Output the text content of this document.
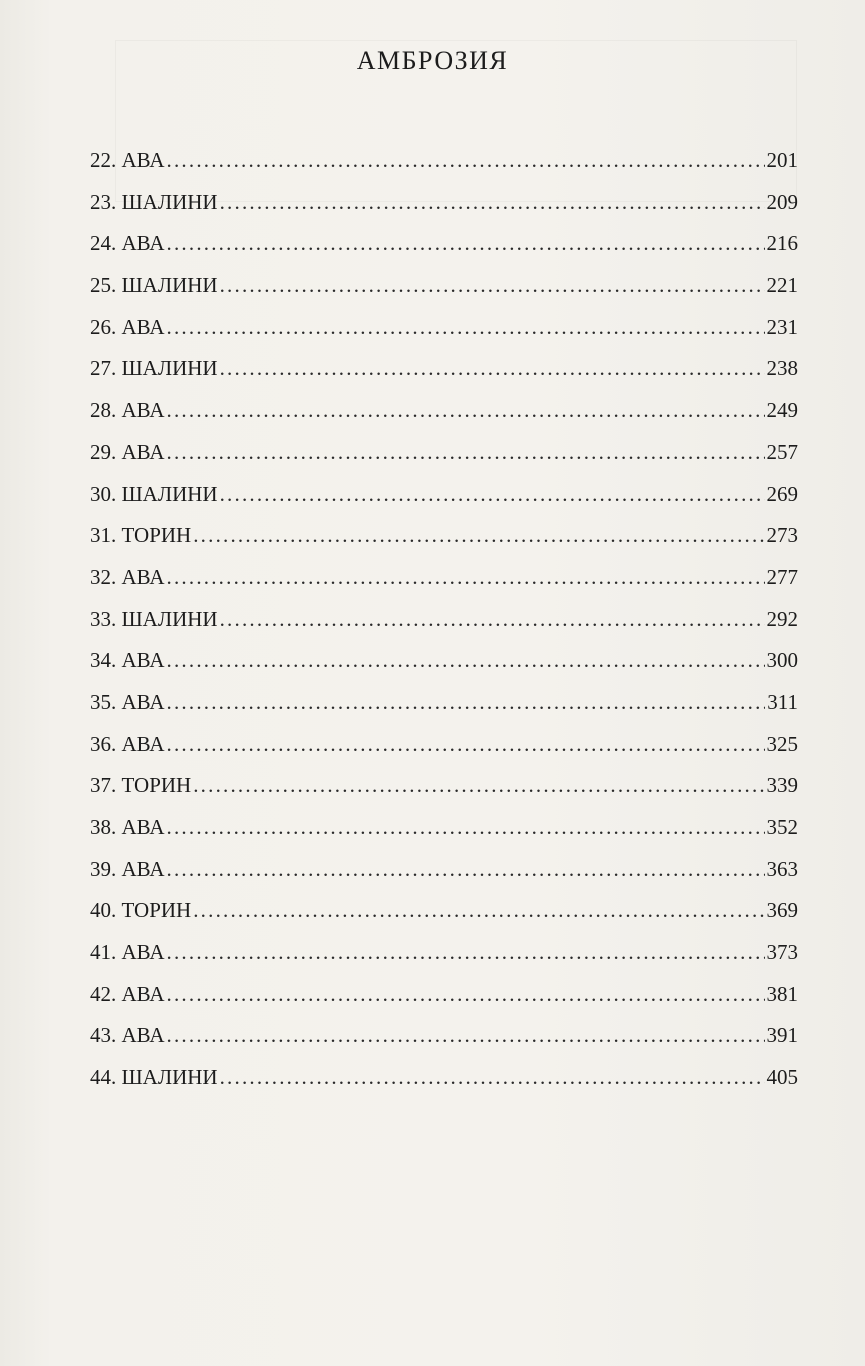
АМБРОЗИЯ
22. АВА .....	201
23. ШАЛИНИ .....	209
24. АВА .....	216
25. ШАЛИНИ .....	221
26. АВА .....	231
27. ШАЛИНИ .....	238
28. АВА .....	249
29. АВА .....	257
30. ШАЛИНИ .....	269
31. ТОРИН .....	273
32. АВА .....	277
33. ШАЛИНИ .....	292
34. АВА .....	300
35. АВА .....	311
36. АВА .....	325
37. ТОРИН .....	339
38. АВА .....	352
39. АВА .....	363
40. ТОРИН .....	369
41. АВА .....	373
42. АВА .....	381
43. АВА .....	391
44. ШАЛИНИ .....	405
